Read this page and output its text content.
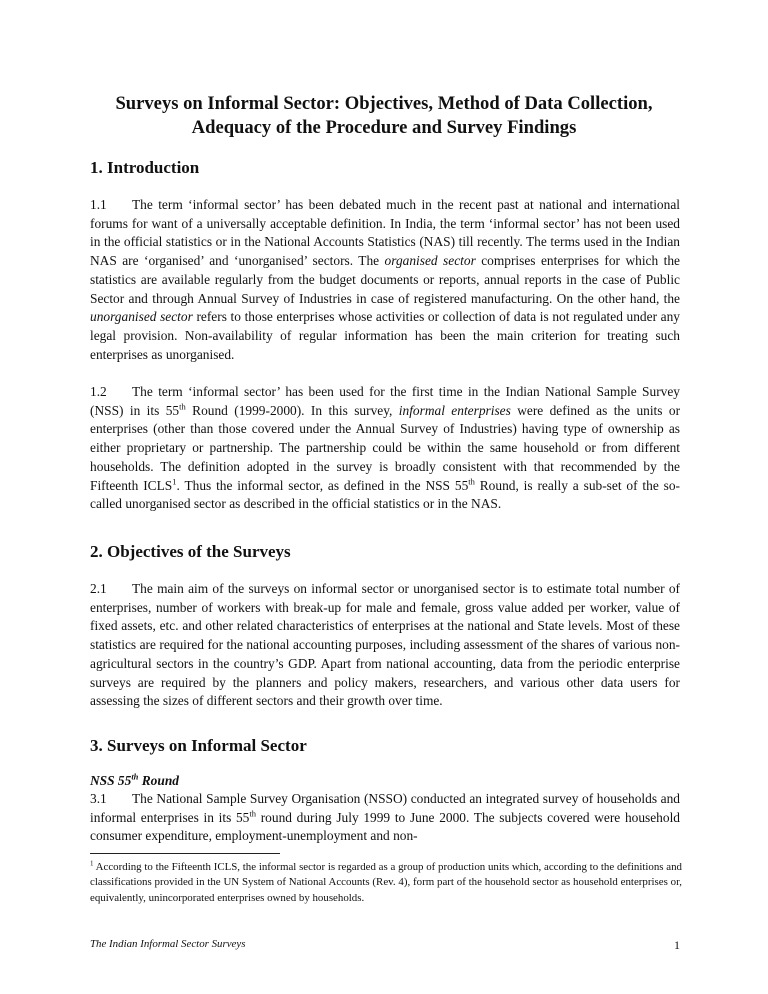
Surveys on Informal Sector: Objectives, Method of Data Collection,
Adequacy of the Procedure and Survey Findings
1. Introduction

1.1 The term ‘informal sector’ has been debated much in the recent past at national and international forums for want of a universally acceptable definition. In India, the term ‘informal sector’ has not been used in the official statistics or in the National Accounts Statistics (NAS) till recently. The terms used in the Indian NAS are ‘organised’ and ‘unorganised’ sectors. The organised sector comprises enterprises for which the statistics are available regularly from the budget documents or reports, annual reports in the case of Public Sector and through Annual Survey of Industries in case of registered manufacturing. On the other hand, the unorganised sector refers to those enterprises whose activities or collection of data is not regulated under any legal provision. Non-availability of regular information has been the main criterion for treating such enterprises as unorganised.

1.2 The term ‘informal sector’ has been used for the first time in the Indian National Sample Survey (NSS) in its 55th Round (1999-2000). In this survey, informal enterprises were defined as the units or enterprises (other than those covered under the Annual Survey of Industries) having type of ownership as either proprietary or partnership. The partnership could be within the same household or from different households. The definition adopted in the survey is broadly consistent with that recommended by the Fifteenth ICLS$^1$. Thus the informal sector, as defined in the NSS 55th Round, is really a sub-set of the so-called unorganised sector as described in the official statistics or in the NAS.

2. Objectives of the Surveys

2.1 The main aim of the surveys on informal sector or unorganised sector is to estimate total number of enterprises, number of workers with break-up for male and female, gross value added per worker, value of fixed assets, etc. and other related characteristics of enterprises at the national and State levels. Most of these statistics are required for the national accounting purposes, including assessment of the shares of various non-agricultural sectors in the country’s GDP. Apart from national accounting, data from the periodic enterprise surveys are required by the planners and policy makers, researchers, and various other data users for assessing the sizes of different sectors and their growth over time.

3. Surveys on Informal Sector
NSS 55th Round

3.1 The National Sample Survey Organisation (NSSO) conducted an integrated survey of households and informal enterprises in its 55th round during July 1999 to June 2000. The subjects covered were household consumer expenditure, employment-unemployment and non-

$^1$ According to the Fifteenth ICLS, the informal sector is regarded as a group of production units which, according to the definitions and classifications provided in the UN System of National Accounts (Rev. 4), form part of the household sector as household enterprises or, equivalently, unincorporated enterprises owned by households.

The Indian Informal Sector Surveys	1
